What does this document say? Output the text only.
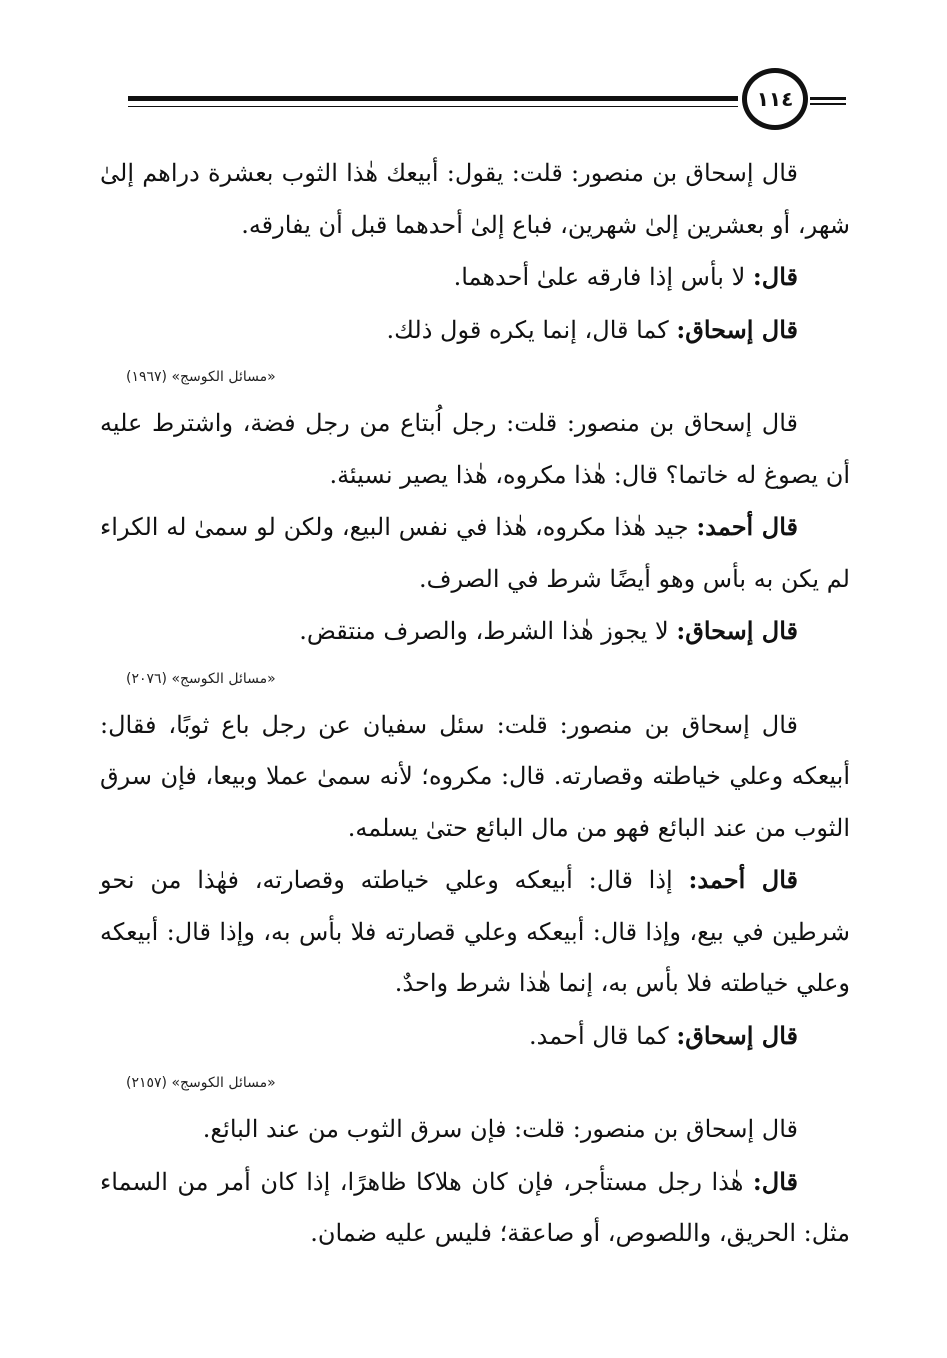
١١٤

قال إسحاق بن منصور: قلت: يقول: أبيعك هٰذا الثوب بعشرة دراهم إلىٰ شهر، أو بعشرين إلىٰ شهرين، فباع إلىٰ أحدهما قبل أن يفارقه.

قال: لا بأس إذا فارقه علىٰ أحدهما.

قال إسحاق: كما قال، إنما يكره قول ذلك.

«مسائل الكوسج» (١٩٦٧)

قال إسحاق بن منصور: قلت: رجل اُبتاع من رجل فضة، واشترط عليه أن يصوغ له خاتما؟ قال: هٰذا مكروه، هٰذا يصير نسيئة.

قال أحمد: جيد هٰذا مكروه، هٰذا في نفس البيع، ولكن لو سمىٰ له الكراء لم يكن به بأس وهو أيضًا شرط في الصرف.

قال إسحاق: لا يجوز هٰذا الشرط، والصرف منتقض.

«مسائل الكوسج» (٢٠٧٦)

قال إسحاق بن منصور: قلت: سئل سفيان عن رجل باع ثوبًا، فقال: أبيعكه وعلي خياطته وقصارته. قال: مكروه؛ لأنه سمىٰ عملا وبيعا، فإن سرق الثوب من عند البائع فهو من مال البائع حتىٰ يسلمه.

قال أحمد: إذا قال: أبيعكه وعلي خياطته وقصارته، فهٰذا من نحو شرطين في بيع، وإذا قال: أبيعكه وعلي قصارته فلا بأس به، وإذا قال: أبيعكه وعلي خياطته فلا بأس به، إنما هٰذا شرط واحدٌ.

قال إسحاق: كما قال أحمد.

«مسائل الكوسج» (٢١٥٧)

قال إسحاق بن منصور: قلت: فإن سرق الثوب من عند البائع.

قال: هٰذا رجل مستأجر، فإن كان هلاكا ظاهرًا، إذا كان أمر من السماء مثل: الحريق، واللصوص، أو صاعقة؛ فليس عليه ضمان.
